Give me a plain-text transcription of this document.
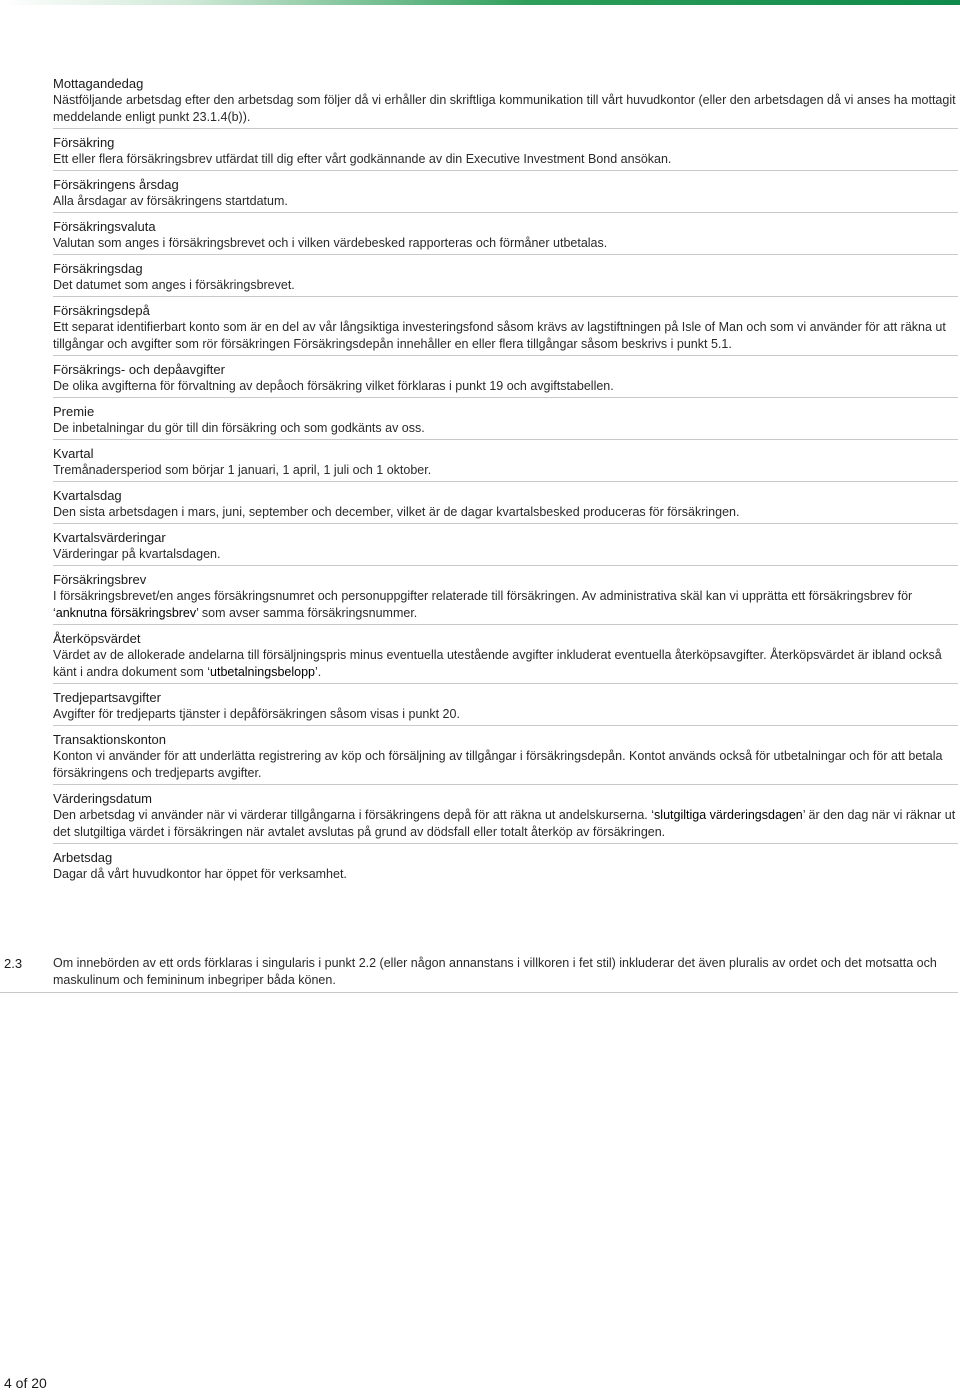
Mottagandedag
Nästföljande arbetsdag efter den arbetsdag som följer då vi erhåller din skriftliga kommunikation till vårt huvudkontor (eller den arbetsdagen då vi anses ha mottagit meddelande enligt punkt 23.1.4(b)).
Försäkring
Ett eller flera försäkringsbrev utfärdat till dig efter vårt godkännande av din Executive Investment Bond ansökan.
Försäkringens årsdag
Alla årsdagar av försäkringens startdatum.
Försäkringsvaluta
Valutan som anges i försäkringsbrevet och i vilken värdebesked rapporteras och förmåner utbetalas.
Försäkringsdag
Det datumet som anges i försäkringsbrevet.
Försäkringsdepå
Ett separat identifierbart konto som är en del av vår långsiktiga investeringsfond såsom krävs av lagstiftningen på Isle of Man och som vi använder för att räkna ut tillgångar och avgifter som rör försäkringen Försäkringsdepån innehåller en eller flera tillgångar såsom beskrivs i punkt 5.1.
Försäkrings- och depåavgifter
De olika avgifterna för förvaltning av depåoch försäkring vilket förklaras i punkt 19 och avgiftstabellen.
Premie
De inbetalningar du gör till din försäkring och som godkänts av oss.
Kvartal
Tremånadersperiod som börjar 1 januari, 1 april, 1 juli och 1 oktober.
Kvartalsdag
Den sista arbetsdagen i mars, juni, september och december, vilket är de dagar kvartalsbesked produceras för försäkringen.
Kvartalsvärderingar
Värderingar på kvartalsdagen.
Försäkringsbrev
I försäkringsbrevet/en anges försäkringsnumret och personuppgifter relaterade till försäkringen. Av administrativa skäl kan vi upprätta ett försäkringsbrev för ‘anknutna försäkringsbrev’ som avser samma försäkringsnummer.
Återköpsvärdet
Värdet av de allokerade andelarna till försäljningspris minus eventuella utestående avgifter inkluderat eventuella återköpsavgifter. Återköpsvärdet är ibland också känt i andra dokument som ‘utbetalningsbelopp’.
Tredjepartsavgifter
Avgifter för tredjeparts tjänster i depåförsäkringen såsom visas i punkt 20.
Transaktionskonton
Konton vi använder för att underlätta registrering av köp och försäljning av tillgångar i försäkringsdepån. Kontot används också för utbetalningar och för att betala försäkringens och tredjeparts avgifter.
Värderingsdatum
Den arbetsdag vi använder när vi värderar tillgångarna i försäkringens depå för att räkna ut andelskurserna. ‘slutgiltiga värderingsdagen’ är den dag när vi räknar ut det slutgiltiga värdet i försäkringen när avtalet avslutas på grund av dödsfall eller totalt återköp av försäkringen.
Arbetsdag
Dagar då vårt huvudkontor har öppet för verksamhet.
2.3 Om innebörden av ett ords förklaras i singularis i punkt 2.2 (eller någon annanstans i villkoren i fet stil) inkluderar det även pluralis av ordet och det motsatta och maskulinum och femininum inbegriper båda könen.
4 of 20
